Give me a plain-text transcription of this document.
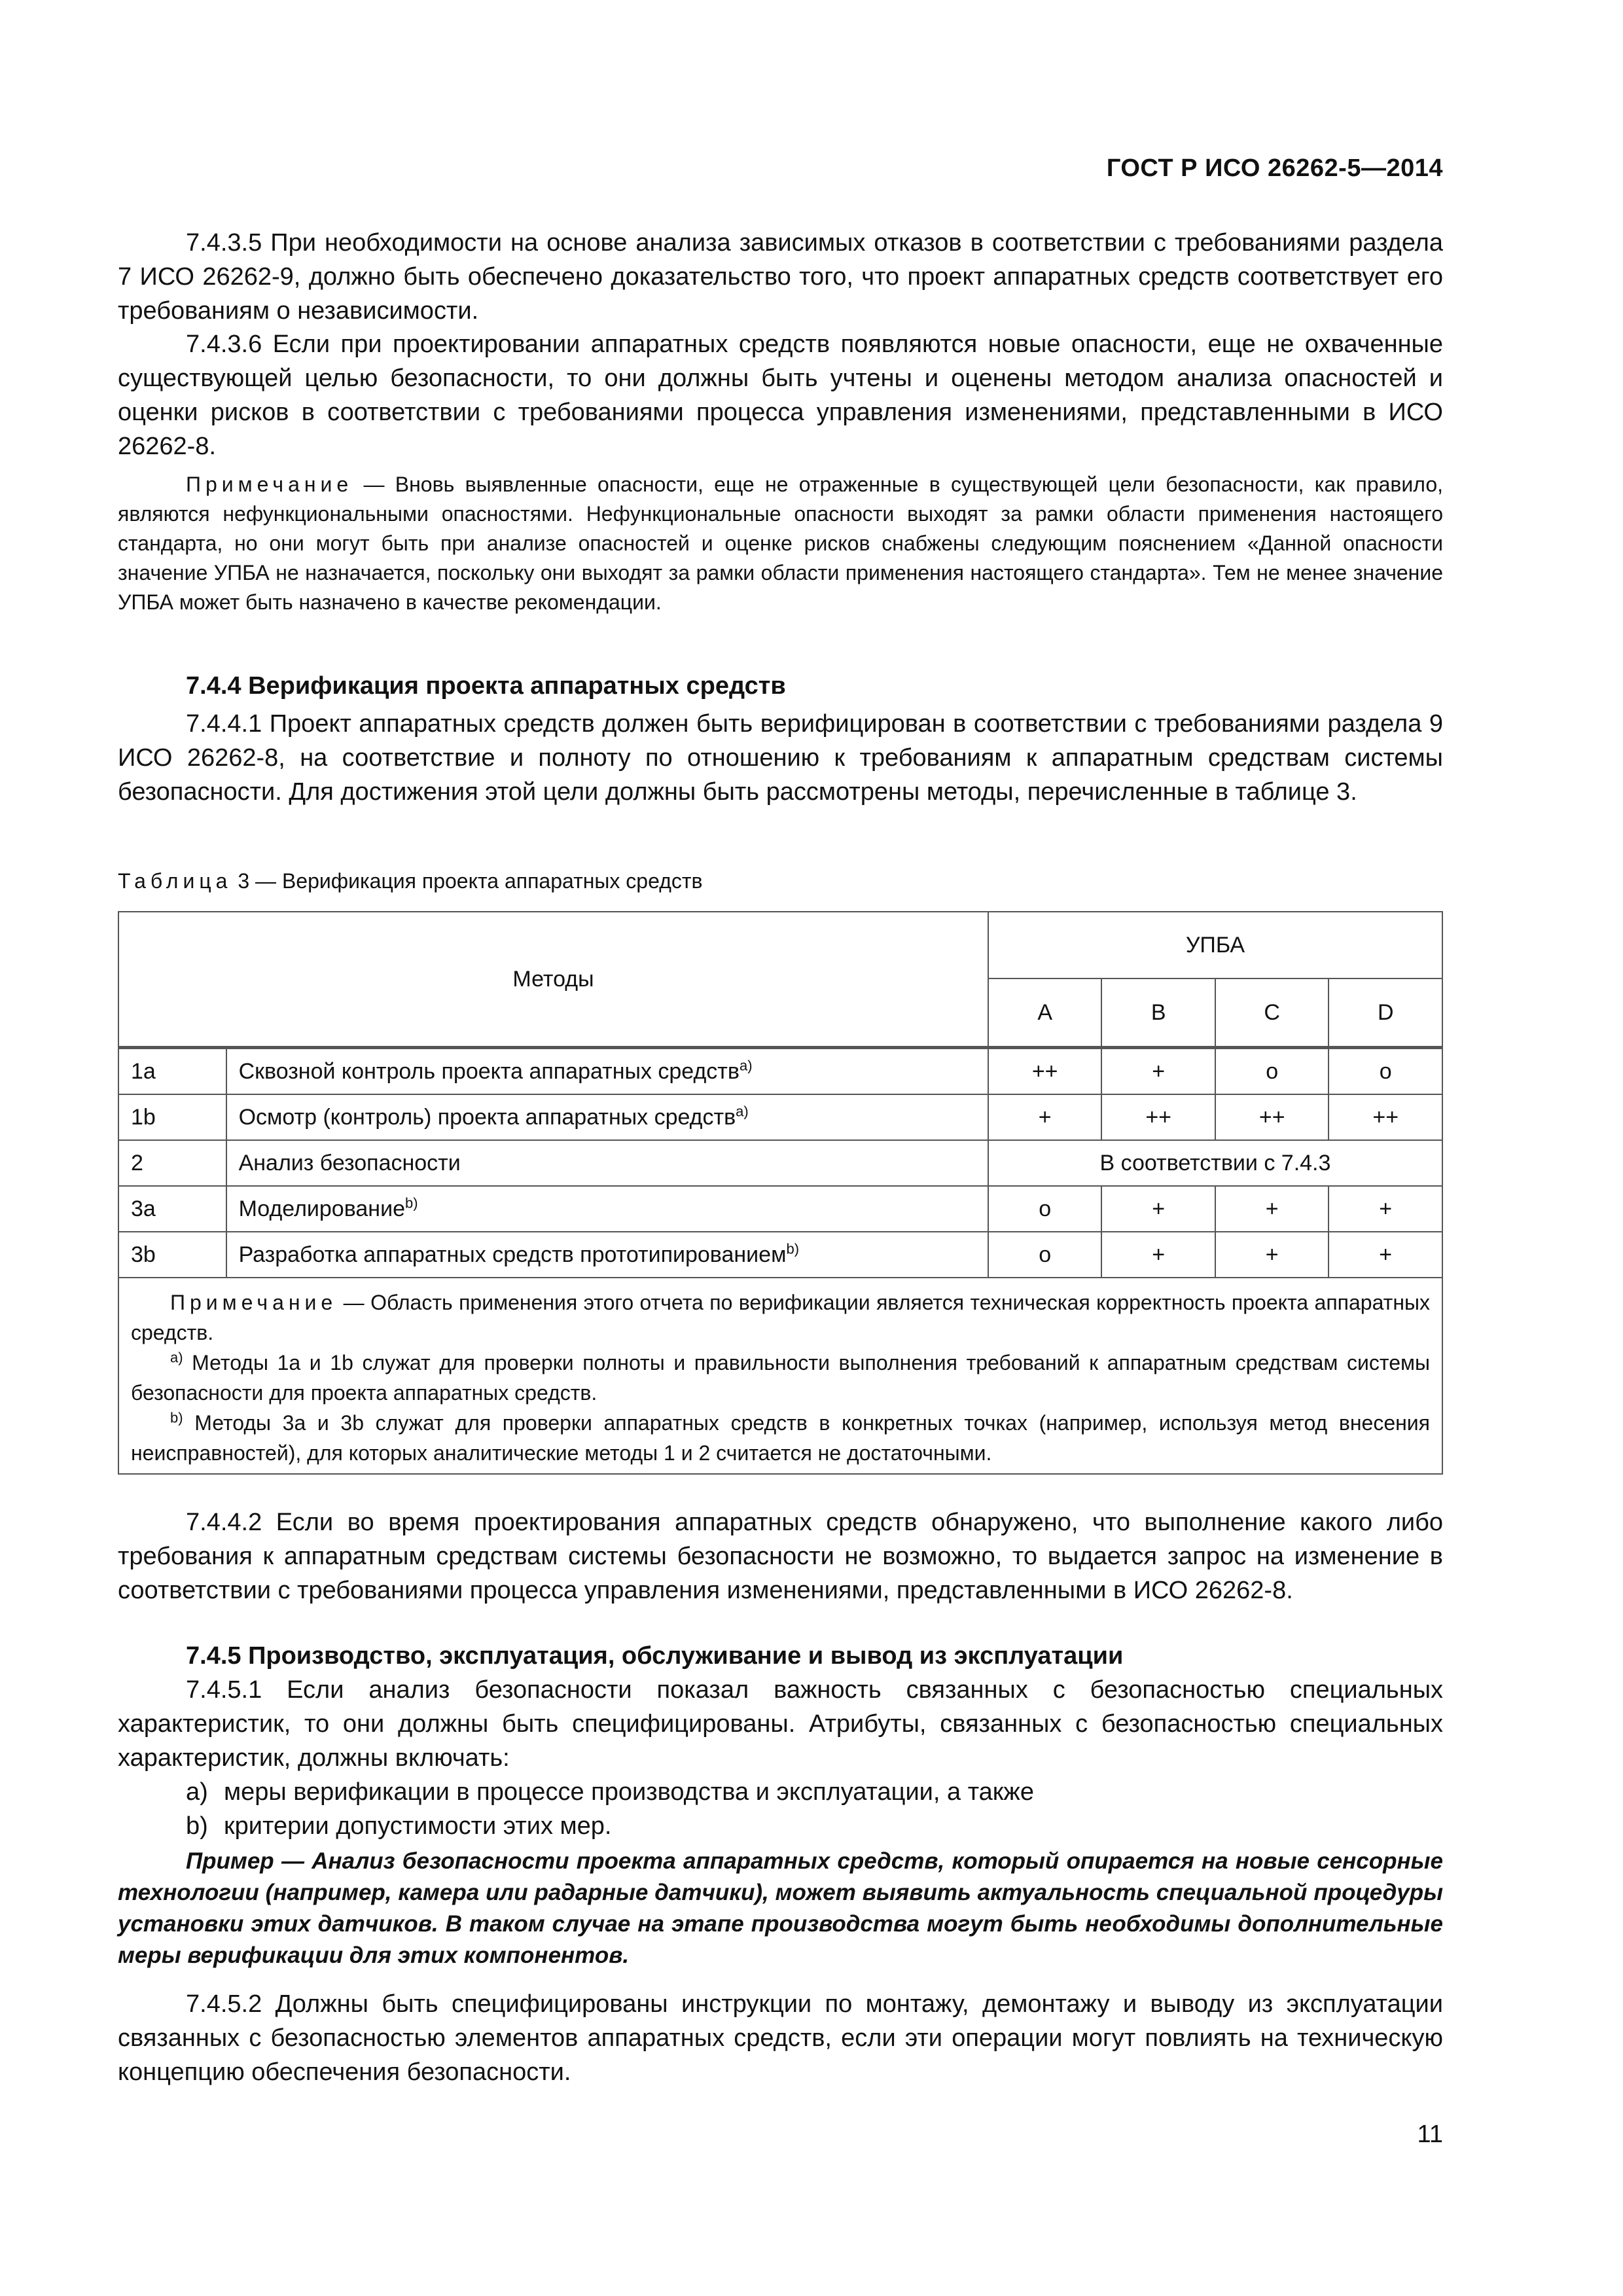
ГОСТ Р ИСО 26262-5—2014

7.4.3.5 При необходимости на основе анализа зависимых отказов в соответствии с требованиями раздела 7 ИСО 26262-9, должно быть обеспечено доказательство того, что проект аппаратных средств соответствует его требованиям о независимости.

7.4.3.6 Если при проектировании аппаратных средств появляются новые опасности, еще не охваченные существующей целью безопасности, то они должны быть учтены и оценены методом анализа опасностей и оценки рисков в соответствии с требованиями процесса управления изменениями, представленными в ИСО 26262-8.

Примечание — Вновь выявленные опасности, еще не отраженные в существующей цели безопасности, как правило, являются нефункциональными опасностями. Нефункциональные опасности выходят за рамки области применения настоящего стандарта, но они могут быть при анализе опасностей и оценке рисков снабжены следующим пояснением «Данной опасности значение УПБА не назначается, поскольку они выходят за рамки области применения настоящего стандарта». Тем не менее значение УПБА может быть назначено в качестве рекомендации.

7.4.4 Верификация проекта аппаратных средств

7.4.4.1 Проект аппаратных средств должен быть верифицирован в соответствии с требованиями раздела 9 ИСО 26262-8, на соответствие и полноту по отношению к требованиям к аппаратным средствам системы безопасности. Для достижения этой цели должны быть рассмотрены методы, перечисленные в таблице 3.

Таблица 3 — Верификация проекта аппаратных средств
Методы		УПБА			
		A	B	C	D
1a	Сквозной контроль проекта аппаратных средств$^{a)}$	++	+	o	o
1b	Осмотр (контроль) проекта аппаратных средств$^{a)}$	+	++	++	++
2	Анализ безопасности	В соответствии с 7.4.3			
3a	Моделирование$^{b)}$	o	+	+	+
3b	Разработка аппаратных средств прототипированием$^{b)}$	o	+	+	+

Примечание — Область применения этого отчета по верификации является техническая корректность проекта аппаратных средств.

$^{a)}$ Методы 1a и 1b служат для проверки полноты и правильности выполнения требований к аппаратным средствам системы безопасности для проекта аппаратных средств.

$^{b)}$ Методы 3a и 3b служат для проверки аппаратных средств в конкретных точках (например, используя метод внесения неисправностей), для которых аналитические методы 1 и 2 считается не достаточными.					

7.4.4.2 Если во время проектирования аппаратных средств обнаружено, что выполнение какого либо требования к аппаратным средствам системы безопасности не возможно, то выдается запрос на изменение в соответствии с требованиями процесса управления изменениями, представленными в ИСО 26262-8.

7.4.5 Производство, эксплуатация, обслуживание и вывод из эксплуатации

7.4.5.1 Если анализ безопасности показал важность связанных с безопасностью специальных характеристик, то они должны быть специфицированы. Атрибуты, связанных с безопасностью специальных характеристик, должны включать:

a) меры верификации в процессе производства и эксплуатации, а также
b) критерии допустимости этих мер.

Пример — Анализ безопасности проекта аппаратных средств, который опирается на новые сенсорные технологии (например, камера или радарные датчики), может выявить актуальность специальной процедуры установки этих датчиков. В таком случае на этапе производства могут быть необходимы дополнительные меры верификации для этих компонентов.

7.4.5.2 Должны быть специфицированы инструкции по монтажу, демонтажу и выводу из эксплуатации связанных с безопасностью элементов аппаратных средств, если эти операции могут повлиять на техническую концепцию обеспечения безопасности.

11
